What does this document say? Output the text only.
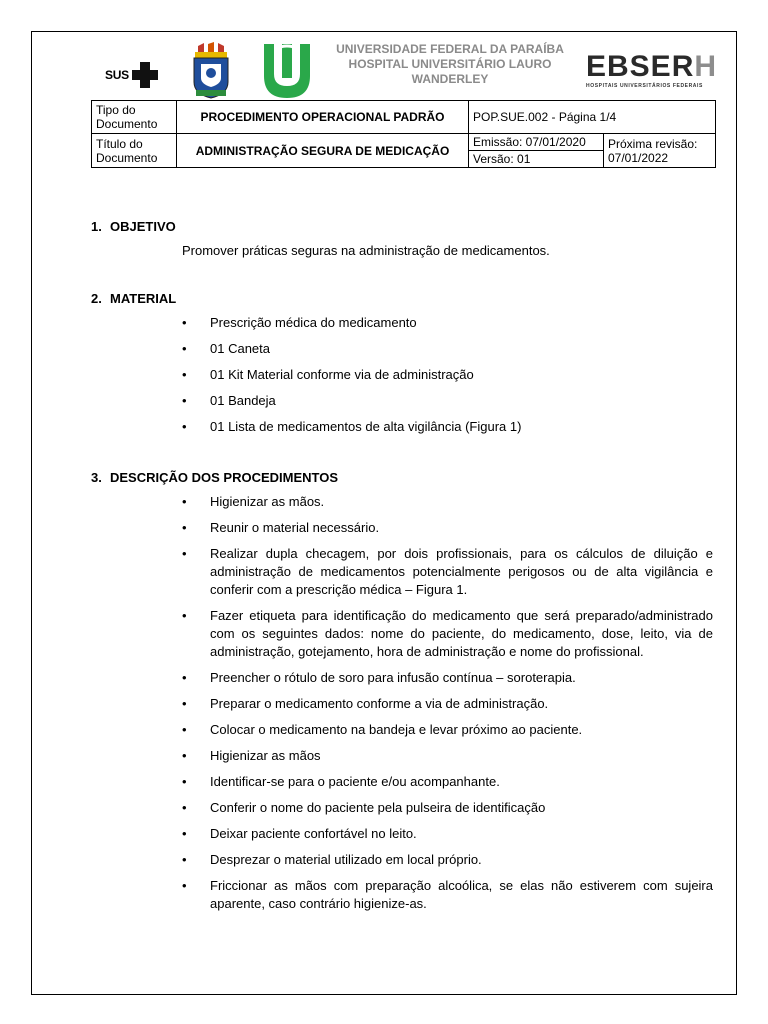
SUS
UNIVERSIDADE FEDERAL DA PARAÍBA
HOSPITAL UNIVERSITÁRIO LAURO
WANDERLEY	EBSERH
HOSPITAIS UNIVERSITÁRIOS FEDERAIS
Tipo do Documento	PROCEDIMENTO OPERACIONAL PADRÃO	POP.SUE.002 - Página 1/4	
Título do Documento	ADMINISTRAÇÃO SEGURA DE MEDICAÇÃO	Emissão: 07/01/2020	Próxima revisão:
07/01/2022

		Versão: 01	
1. OBJETIVO

Promover práticas seguras na administração de medicamentos.

2. MATERIAL
• Prescrição médica do medicamento
• 01 Caneta
• 01 Kit Material conforme via de administração
• 01 Bandeja
• 01 Lista de medicamentos de alta vigilância (Figura 1)
3. DESCRIÇÃO DOS PROCEDIMENTOS
• Higienizar as mãos.
• Reunir o material necessário.
• Realizar dupla checagem, por dois profissionais, para os cálculos de diluição e administração de medicamentos potencialmente perigosos ou de alta vigilância e conferir com a prescrição médica – Figura 1.
• Fazer etiqueta para identificação do medicamento que será preparado/administrado com os seguintes dados: nome do paciente, do medicamento, dose, leito, via de administração, gotejamento, hora de administração e nome do profissional.
• Preencher o rótulo de soro para infusão contínua – soroterapia.
• Preparar o medicamento conforme a via de administração.
• Colocar o medicamento na bandeja e levar próximo ao paciente.
• Higienizar as mãos
• Identificar-se para o paciente e/ou acompanhante.
• Conferir o nome do paciente pela pulseira de identificação
• Deixar paciente confortável no leito.
• Desprezar o material utilizado em local próprio.
• Friccionar as mãos com preparação alcoólica, se elas não estiverem com sujeira aparente, caso contrário higienize-as.
